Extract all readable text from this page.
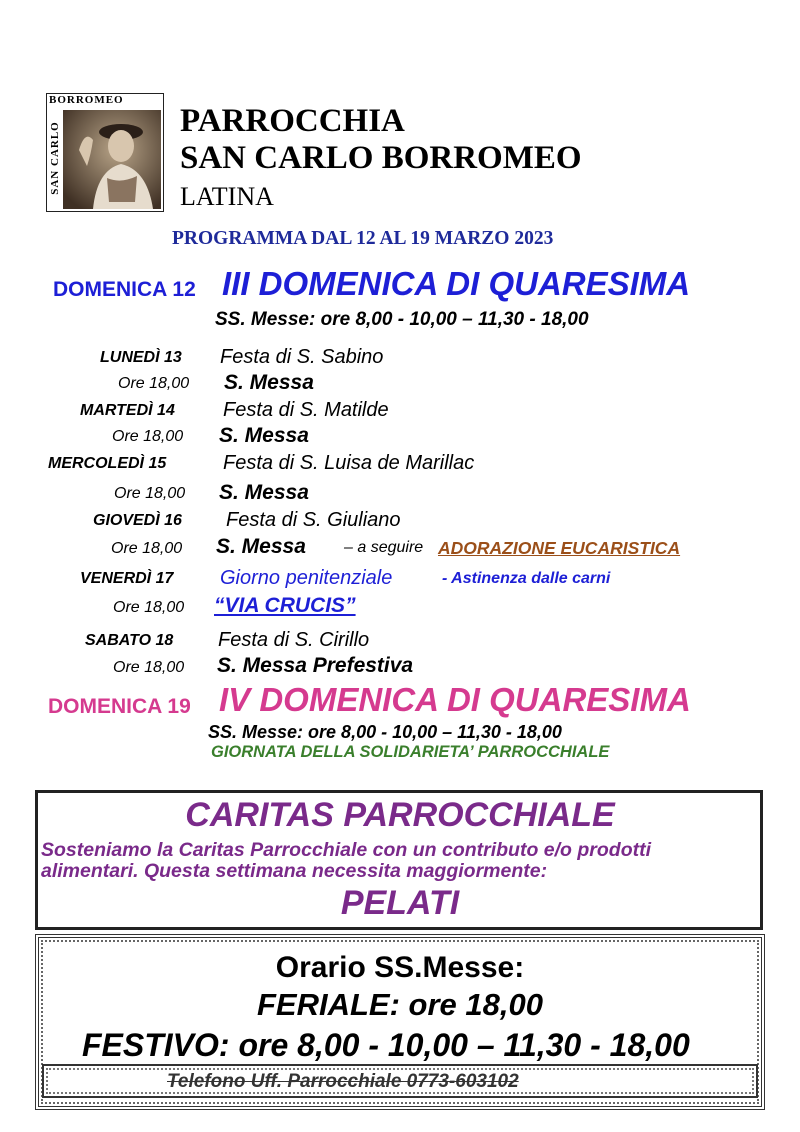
BORROMEO
SAN CARLO
PARROCCHIA
SAN CARLO BORROMEO
LATINA
PROGRAMMA DAL 12 AL 19 MARZO 2023
DOMENICA 12 III DOMENICA DI QUARESIMA
SS. Messe: ore 8,00 - 10,00 – 11,30 - 18,00
LUNEDÌ 13 Festa di S. Sabino
Ore 18,00 S. Messa
MARTEDÌ 14 Festa di S. Matilde
Ore 18,00 S. Messa
MERCOLEDÌ 15	Festa di S. Luisa de Marillac
Ore 18,00 S. Messa
GIOVEDÌ 16 Festa di S. Giuliano
Ore 18,00 S. Messa – a seguire ADORAZIONE EUCARISTICA
VENERDÌ 17 Giorno penitenziale	- Astinenza dalle carni
Ore 18,00 “VIA CRUCIS”
SABATO 18 Festa di S. Cirillo
Ore 18,00 S. Messa Prefestiva
DOMENICA 19 IV DOMENICA DI QUARESIMA
SS. Messe: ore 8,00 - 10,00 – 11,30 - 18,00
GIORNATA DELLA SOLIDARIETA’ PARROCCHIALE
CARITAS PARROCCHIALE
Sosteniamo la Caritas Parrocchiale con un contributo e/o prodotti
alimentari. Questa settimana necessita maggiormente:
PELATI
Orario SS.Messe:
FERIALE: ore 18,00
FESTIVO: ore 8,00 - 10,00 – 11,30 - 18,00
Telefono Uff. Parrocchiale 0773-603102
